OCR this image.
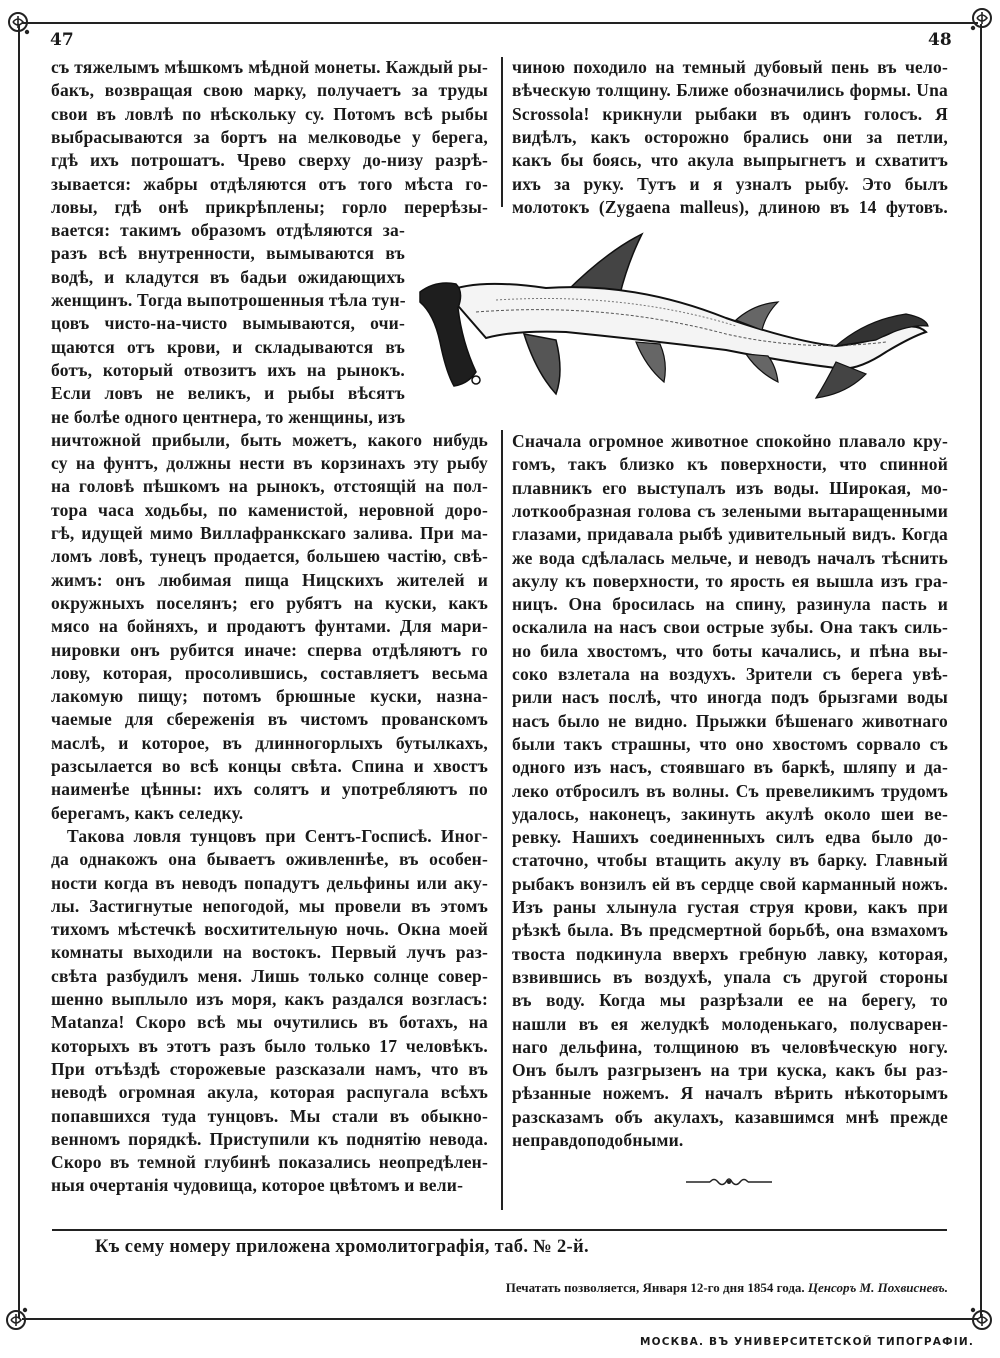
47	48
съ тяжелымъ мѣшкомъ мѣдной монеты. Каждый ры-
бакъ, возвращая свою марку, получаетъ за труды
свои въ ловлѣ по нѣскольку су. Потомъ всѣ рыбы
выбрасываются за бортъ на мелководье у берега,
гдѣ ихъ потрошатъ. Чрево сверху до-низу разрѣ-
зывается: жабры отдѣляются отъ того мѣста го-
ловы, гдѣ онѣ прикрѣплены; горло перерѣзы-
вается: такимъ образомъ отдѣляются за-
разъ всѣ внутренности, вымываются въ
водѣ, и кладутся въ бадьи ожидающихъ
женщинъ. Тогда выпотрошенныя тѣла тун-
цовъ чисто-на-чисто вымываются, очи-
щаются отъ крови, и складываются въ
ботъ, который отвозитъ ихъ на рынокъ.
Если ловъ не великъ, и рыбы вѣсятъ
не болѣе одного центнера, то женщины, изъ
ничтожной прибыли, быть можетъ, какого нибудь
су на фунтъ, должны нести въ корзинахъ эту рыбу
на головѣ пѣшкомъ на рынокъ, отстоящій на пол-
тора часа ходьбы, по каменистой, неровной доро-
гѣ, идущей мимо Виллафранкскаго залива. При ма-
ломъ ловѣ, тунецъ продается, большею частію, свѣ-
жимъ: онъ любимая пища Ницскихъ жителей и
окружныхъ поселянъ; его рубятъ на куски, какъ
мясо на бойняхъ, и продаютъ фунтами. Для мари-
нировки онъ рубится иначе: сперва отдѣляютъ го
лову, которая, просолившись, составляетъ весьма
лакомую пищу; потомъ брюшные куски, назна-
чаемые для сбереженія въ чистомъ прованскомъ
маслѣ, и которое, въ длинногорлыхъ бутылкахъ,
разсылается во всѣ концы свѣта. Спина и хвостъ
наименѣе цѣнны: ихъ солятъ и употребляютъ по
берегамъ, какъ селедку.
Такова ловля тунцовъ при Сентъ-Госписѣ. Иног-
да однакожъ она бываетъ оживленнѣе, въ особен-
ности когда въ неводъ попадутъ дельфины или аку-
лы. Застигнутые непогодой, мы провели въ этомъ
тихомъ мѣстечкѣ восхитительную ночь. Окна моей
комнаты выходили на востокъ. Первый лучъ раз-
свѣта разбудилъ меня. Лишь только солнце совер-
шенно выплыло изъ моря, какъ раздался возгласъ:
Matanza! Скоро всѣ мы очутились въ ботахъ, на
которыхъ въ этотъ разъ было только 17 человѣкъ.
При отъѣздѣ сторожевые разсказали намъ, что въ
неводѣ огромная акула, которая распугала всѣхъ
попавшихся туда тунцовъ. Мы стали въ обыкно-
венномъ порядкѣ. Приступили къ поднятію невода.
Скоро въ темной глубинѣ показались неопредѣлен-
ныя очертанія чудовища, которое цвѣтомъ и вели-
чиною походило на темный дубовый пень въ чело-
вѣческую толщину. Ближе обозначились формы. Una
Scrossola! крикнули рыбаки въ одинъ голосъ. Я
видѣлъ, какъ осторожно брались они за петли,
какъ бы боясь, что акула выпрыгнетъ и схватитъ
ихъ за руку. Тутъ и я узналъ рыбу. Это былъ
молотокъ (Zygaena malleus), длиною въ 14 футовъ.
Сначала огромное животное спокойно плавало кру-
гомъ, такъ близко къ поверхности, что спинной
плавникъ его выступалъ изъ воды. Широкая, мо-
лоткообразная голова съ зелеными вытаращенными
глазами, придавала рыбѣ удивительный видъ. Когда
же вода сдѣлалась мельче, и неводъ началъ тѣснить
акулу къ поверхности, то ярость ея вышла изъ гра-
ницъ. Она бросилась на спину, разинула пасть и
оскалила на насъ свои острые зубы. Она такъ силь-
но била хвостомъ, что боты качались, и пѣна вы-
соко взлетала на воздухъ. Зрители съ берега увѣ-
рили насъ послѣ, что иногда подъ брызгами воды
насъ было не видно. Прыжки бѣшенаго животнаго
были такъ страшны, что оно хвостомъ сорвало съ
одного изъ насъ, стоявшаго въ баркѣ, шляпу и да-
леко отбросилъ въ волны. Съ превеликимъ трудомъ
удалось, наконецъ, закинуть акулѣ около шеи ве-
ревку. Нашихъ соединенныхъ силъ едва было до-
статочно, чтобы втащить акулу въ барку. Главный
рыбакъ вонзилъ ей въ сердце свой карманный ножъ.
Изъ раны хлынула густая струя крови, какъ при
рѣзкѣ была. Въ предсмертной борьбѣ, она взмахомъ
твоста подкинула вверхъ гребную лавку, которая,
взвившись въ воздухѣ, упала съ другой стороны
въ воду. Когда мы разрѣзали ее на берегу, то
нашли въ ея желудкѣ молоденькаго, полусварен-
наго дельфина, толщиною въ человѣческую ногу.
Онъ былъ разгрызенъ на три куска, какъ бы раз-
рѣзанные ножемъ. Я началъ вѣрить нѣкоторымъ
разсказамъ объ акулахъ, казавшимся мнѣ прежде
неправдоподобными.
Къ сему номеру приложена хромолитографія, таб. № 2-й.
Печатать позволяется, Января 12-го дня 1854 года. Ценсоръ М. Похвисневъ.
МОСКВА. ВЪ УНИВЕРСИТЕТСКОЙ ТИПОГРАФІИ.
